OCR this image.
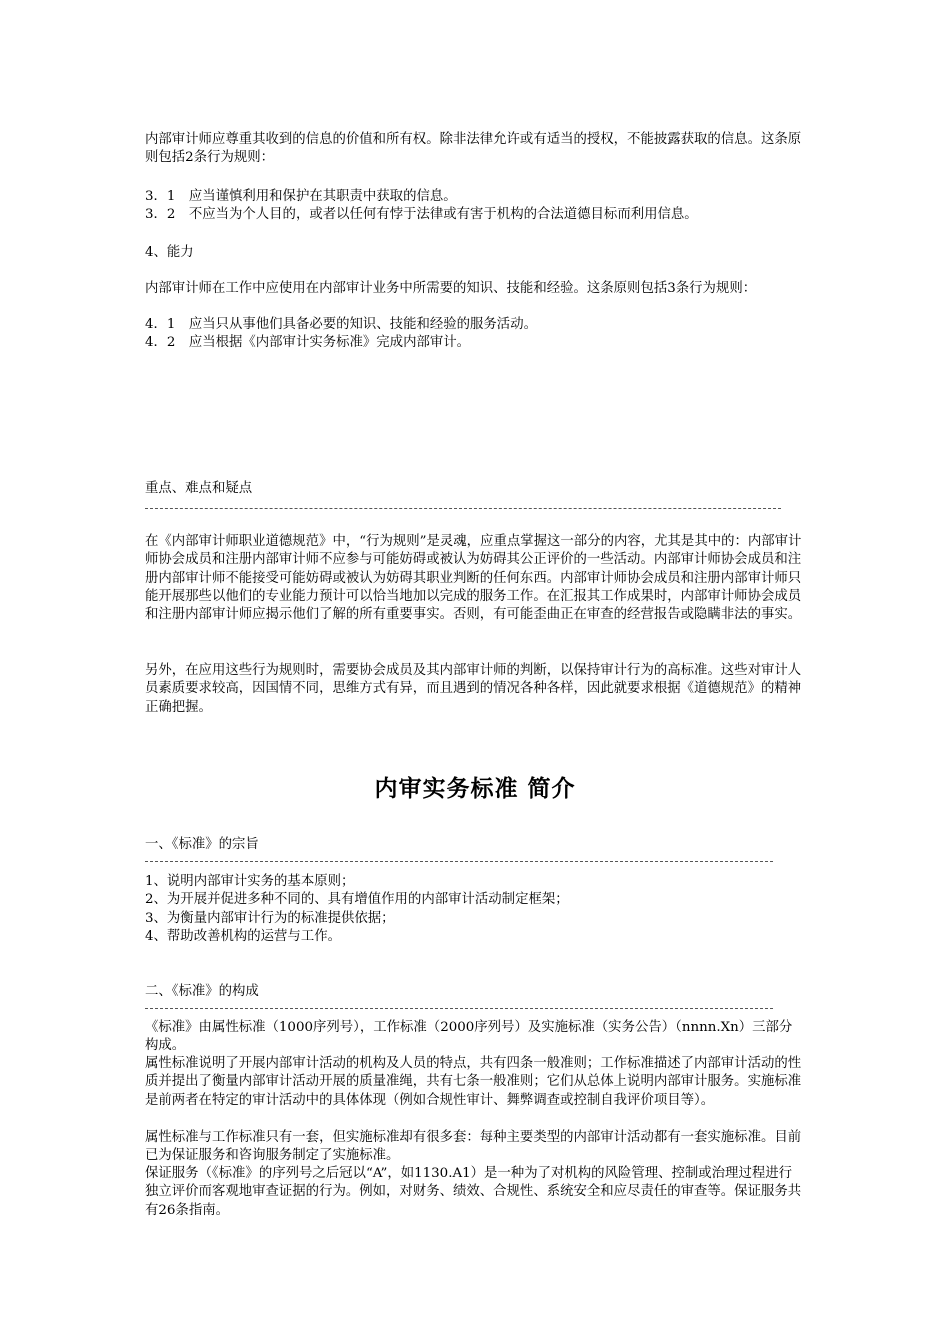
内部审计师应尊重其收到的信息的价值和所有权。除非法律允许或有适当的授权，不能披露获取的信息。这条原则包括2条行为规则：
3．1　应当谨慎利用和保护在其职责中获取的信息。
3．2　不应当为个人目的，或者以任何有悖于法律或有害于机构的合法道德目标而利用信息。
4、能力
内部审计师在工作中应使用在内部审计业务中所需要的知识、技能和经验。这条原则包括3条行为规则：
4．1　应当只从事他们具备必要的知识、技能和经验的服务活动。
4．2　应当根据《内部审计实务标准》完成内部审计。
重点、难点和疑点
在《内部审计师职业道德规范》中，“行为规则”是灵魂，应重点掌握这一部分的内容，尤其是其中的：内部审计师协会成员和注册内部审计师不应参与可能妨碍或被认为妨碍其公正评价的一些活动。内部审计师协会成员和注册内部审计师不能接受可能妨碍或被认为妨碍其职业判断的任何东西。内部审计师协会成员和注册内部审计师只能开展那些以他们的专业能力预计可以恰当地加以完成的服务工作。在汇报其工作成果时，内部审计师协会成员和注册内部审计师应揭示他们了解的所有重要事实。否则，有可能歪曲正在审查的经营报告或隐瞒非法的事实。
另外，在应用这些行为规则时，需要协会成员及其内部审计师的判断，以保持审计行为的高标准。这些对审计人员素质要求较高，因国情不同，思维方式有异，而且遇到的情况各种各样，因此就要求根据《道德规范》的精神正确把握。
内审实务标准 简介
一、《标准》的宗旨
1、说明内部审计实务的基本原则；
2、为开展并促进多种不同的、具有增值作用的内部审计活动制定框架；
3、为衡量内部审计行为的标准提供依据；
4、帮助改善机构的运营与工作。
二、《标准》的构成
《标准》由属性标准（1000序列号），工作标准（2000序列号）及实施标准（实务公告）（nnnn.Xn）三部分构成。
属性标准说明了开展内部审计活动的机构及人员的特点，共有四条一般准则；工作标准描述了内部审计活动的性质并提出了衡量内部审计活动开展的质量准绳，共有七条一般准则；它们从总体上说明内部审计服务。实施标准是前两者在特定的审计活动中的具体体现（例如合规性审计、舞弊调查或控制自我评价项目等）。
属性标准与工作标准只有一套，但实施标准却有很多套：每种主要类型的内部审计活动都有一套实施标准。目前已为保证服务和咨询服务制定了实施标准。
保证服务（《标准》的序列号之后冠以“A”，如1130.A1）是一种为了对机构的风险管理、控制或治理过程进行独立评价而客观地审查证据的行为。例如，对财务、绩效、合规性、系统安全和应尽责任的审查等。保证服务共有26条指南。
